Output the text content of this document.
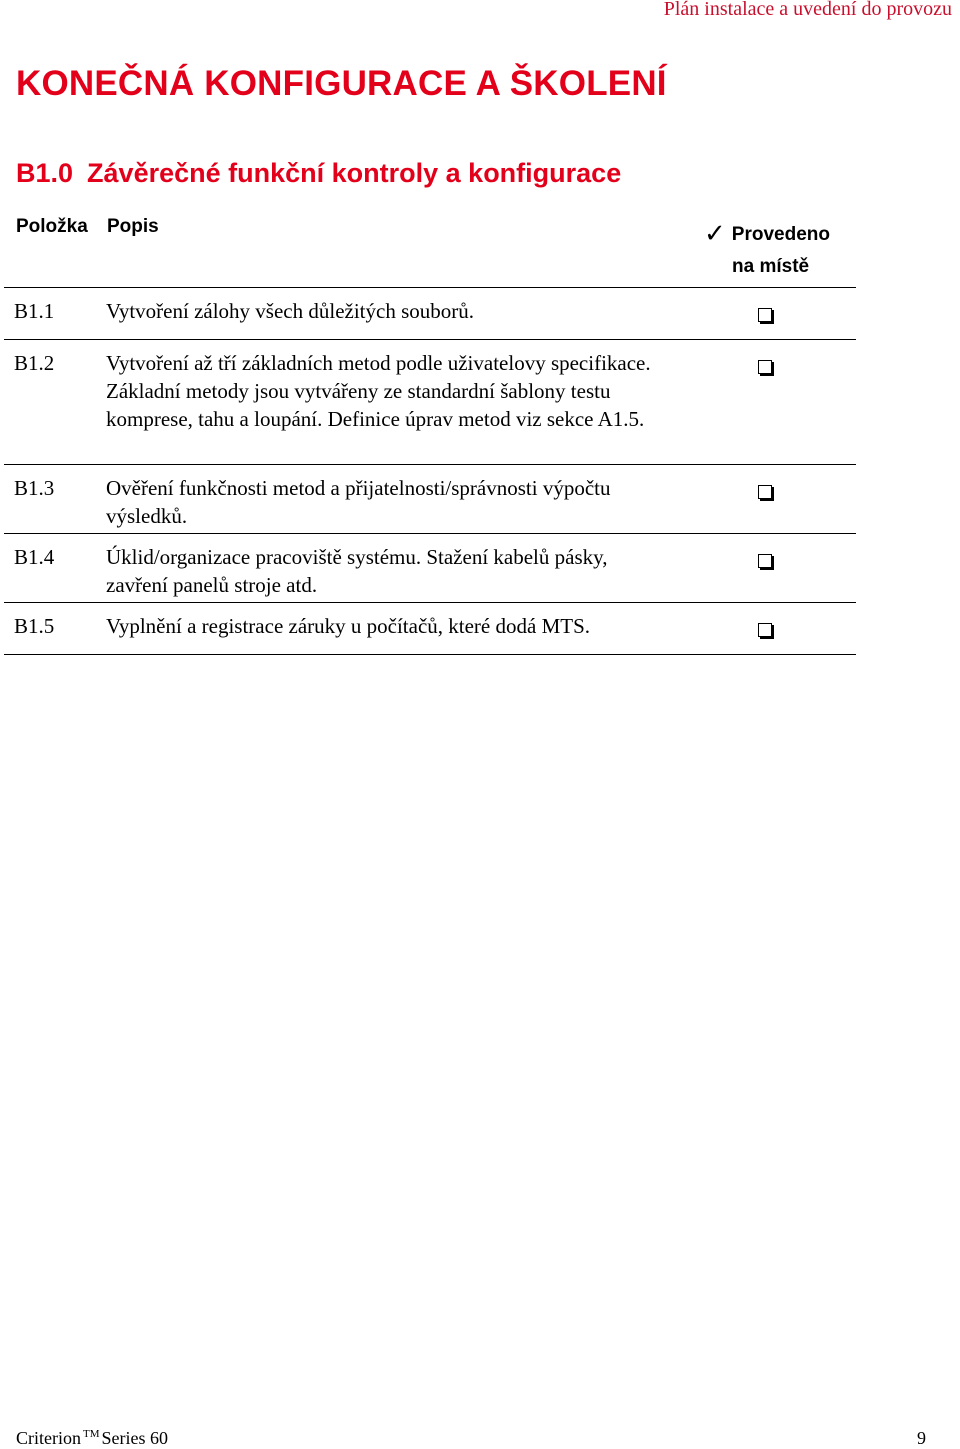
Plán instalace a uvedení do provozu
KONEČNÁ KONFIGURACE A ŠKOLENÍ
B1.0 Závěrečné funkční kontroly a konfigurace
Položka Popis	✓ Provedeno
na místě
B1.1 Vytvoření zálohy všech důležitých souborů.
B1.2 Vytvoření až tří základních metod podle uživatelovy specifikace. Základní metody jsou vytvářeny ze standardní šablony testu komprese, tahu a loupání. Definice úprav metod viz sekce A1.5.
B1.3 Ověření funkčnosti metod a přijatelnosti/správnosti výpočtu výsledků.
B1.4 Úklid/organizace pracoviště systému. Stažení kabelů pásky, zavření panelů stroje atd.
B1.5 Vyplnění a registrace záruky u počítačů, které dodá MTS.
Criterion ™ Series 60	9
